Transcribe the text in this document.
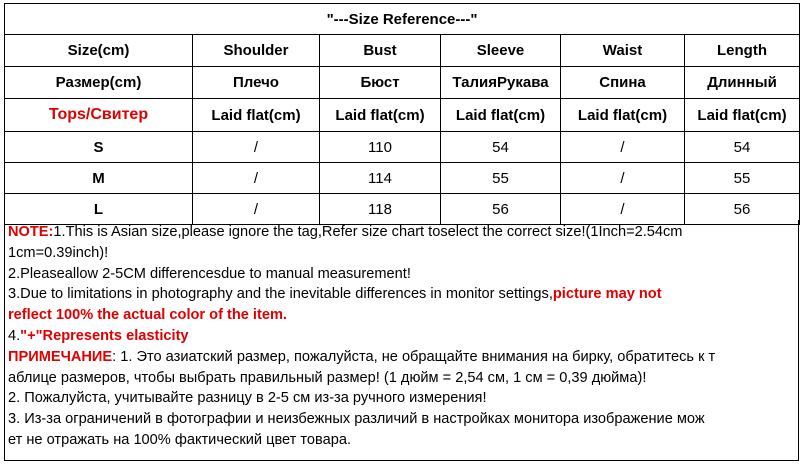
"---Size Reference---"					
Size(cm)	Shoulder	Bust	Sleeve	Waist	Length
Размер(cm)	Плечо	Бюст	ТалияРукава	Спина	Длинный
Tops/Свитер	Laid flat(cm)	Laid flat(cm)	Laid flat(cm)	Laid flat(cm)	Laid flat(cm)
S	/	110	54	/	54
M	/	114	55	/	55
L	/	118	56	/	56

NOTE:1.This is Asian size,please ignore the tag,Refer size chart toselect the correct size!(1Inch=2.54cm

1cm=0.39inch)!

2.Pleaseallow 2-5CM differencesdue to manual measurement!

3.Due to limitations in photography and the inevitable differences in monitor settings,picture may not

reflect 100% the actual color of the item.

4."+"Represents elasticity

ПРИМЕЧАНИЕ: 1. Это азиатский размер, пожалуйста, не обращайте внимания на бирку, обратитесь к т

аблице размеров, чтобы выбрать правильный размер! (1 дюйм = 2,54 см, 1 см = 0,39 дюйма)!

2. Пожалуйста, учитывайте разницу в 2-5 см из-за ручного измерения!

3. Из-за ограничений в фотографии и неизбежных различий в настройках монитора изображение мож

ет не отражать на 100% фактический цвет товара.
